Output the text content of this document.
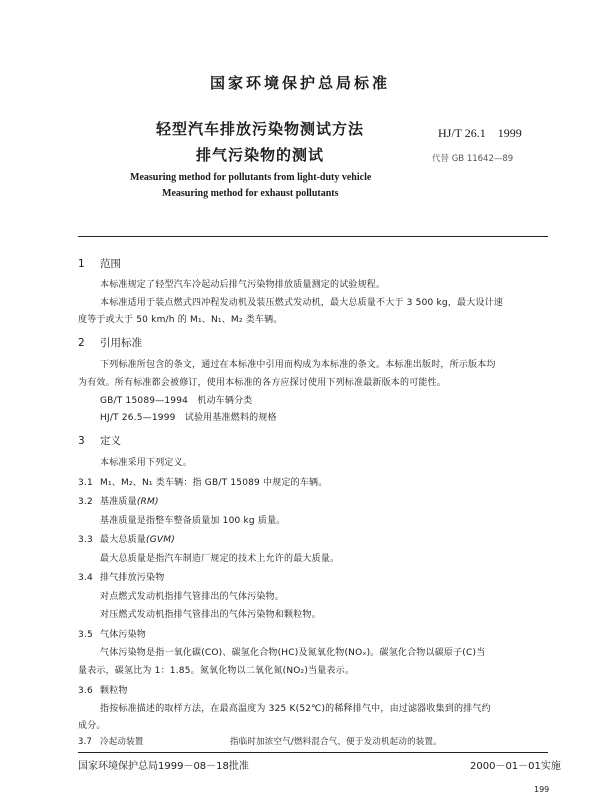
国家环境保护总局标准
轻型汽车排放污染物测试方法
排气污染物的测试
HJ/T 26.1　1999
代替 GB 11642—89
Measuring method for pollutants from light-duty vehicle
Measuring method for exhaust pollutants
1 范围
本标准规定了轻型汽车冷起动后排气污染物排放质量测定的试验规程。
本标准适用于装点燃式四冲程发动机及装压燃式发动机，最大总质量不大于 3 500 kg，最大设计速
度等于或大于 50 km/h 的 M₁、N₁、M₂ 类车辆。
2 引用标准
下列标准所包含的条文，通过在本标准中引用而构成为本标准的条文。本标准出版时，所示版本均
为有效。所有标准都会被修订，使用本标准的各方应探讨使用下列标准最新版本的可能性。
GB/T 15089—1994　机动车辆分类
HJ/T 26.5—1999　试验用基准燃料的规格
3 定义
本标准采用下列定义。
3.1 M₁、M₂、N₁ 类车辆：指 GB/T 15089 中规定的车辆。
3.2 基准质量(RM)
基准质量是指整车整备质量加 100 kg 质量。
3.3 最大总质量(GVM)
最大总质量是指汽车制造厂规定的技术上允许的最大质量。
3.4 排气排放污染物
对点燃式发动机指排气管排出的气体污染物。
对压燃式发动机指排气管排出的气体污染物和颗粒物。
3.5 气体污染物
气体污染物是指一氧化碳(CO)、碳氢化合物(HC)及氮氧化物(NOₓ)。碳氢化合物以碳原子(C)当
量表示，碳氢比为 1：1.85。氮氧化物以二氧化氮(NO₂)当量表示。
3.6 颗粒物
指按标准描述的取样方法，在最高温度为 325 K(52℃)的稀释排气中，由过滤器收集到的排气约
成分。
3.7 冷起动装置	指临时加浓空气/燃料混合气，便于发动机起动的装置。
国家环境保护总局1999－08－18批准	2000－01－01实施
199
